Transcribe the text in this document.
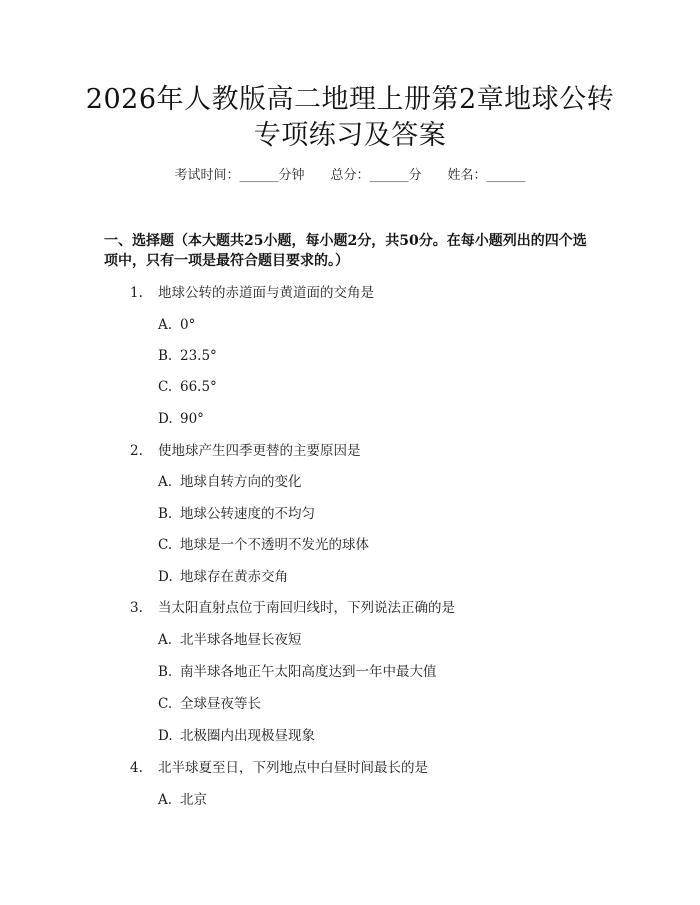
2026年人教版高二地理上册第2章地球公转
专项练习及答案
考试时间：______分钟 总分：______分 姓名：______
一、选择题（本大题共25小题，每小题2分，共50分。在每小题列出的四个选
项中，只有一项是最符合题目要求的。）
1. 地球公转的赤道面与黄道面的交角是
A. 0°
B. 23.5°
C. 66.5°
D. 90°
2. 使地球产生四季更替的主要原因是
A. 地球自转方向的变化
B. 地球公转速度的不均匀
C. 地球是一个不透明不发光的球体
D. 地球存在黄赤交角
3. 当太阳直射点位于南回归线时，下列说法正确的是
A. 北半球各地昼长夜短
B. 南半球各地正午太阳高度达到一年中最大值
C. 全球昼夜等长
D. 北极圈内出现极昼现象
4. 北半球夏至日，下列地点中白昼时间最长的是
A. 北京
